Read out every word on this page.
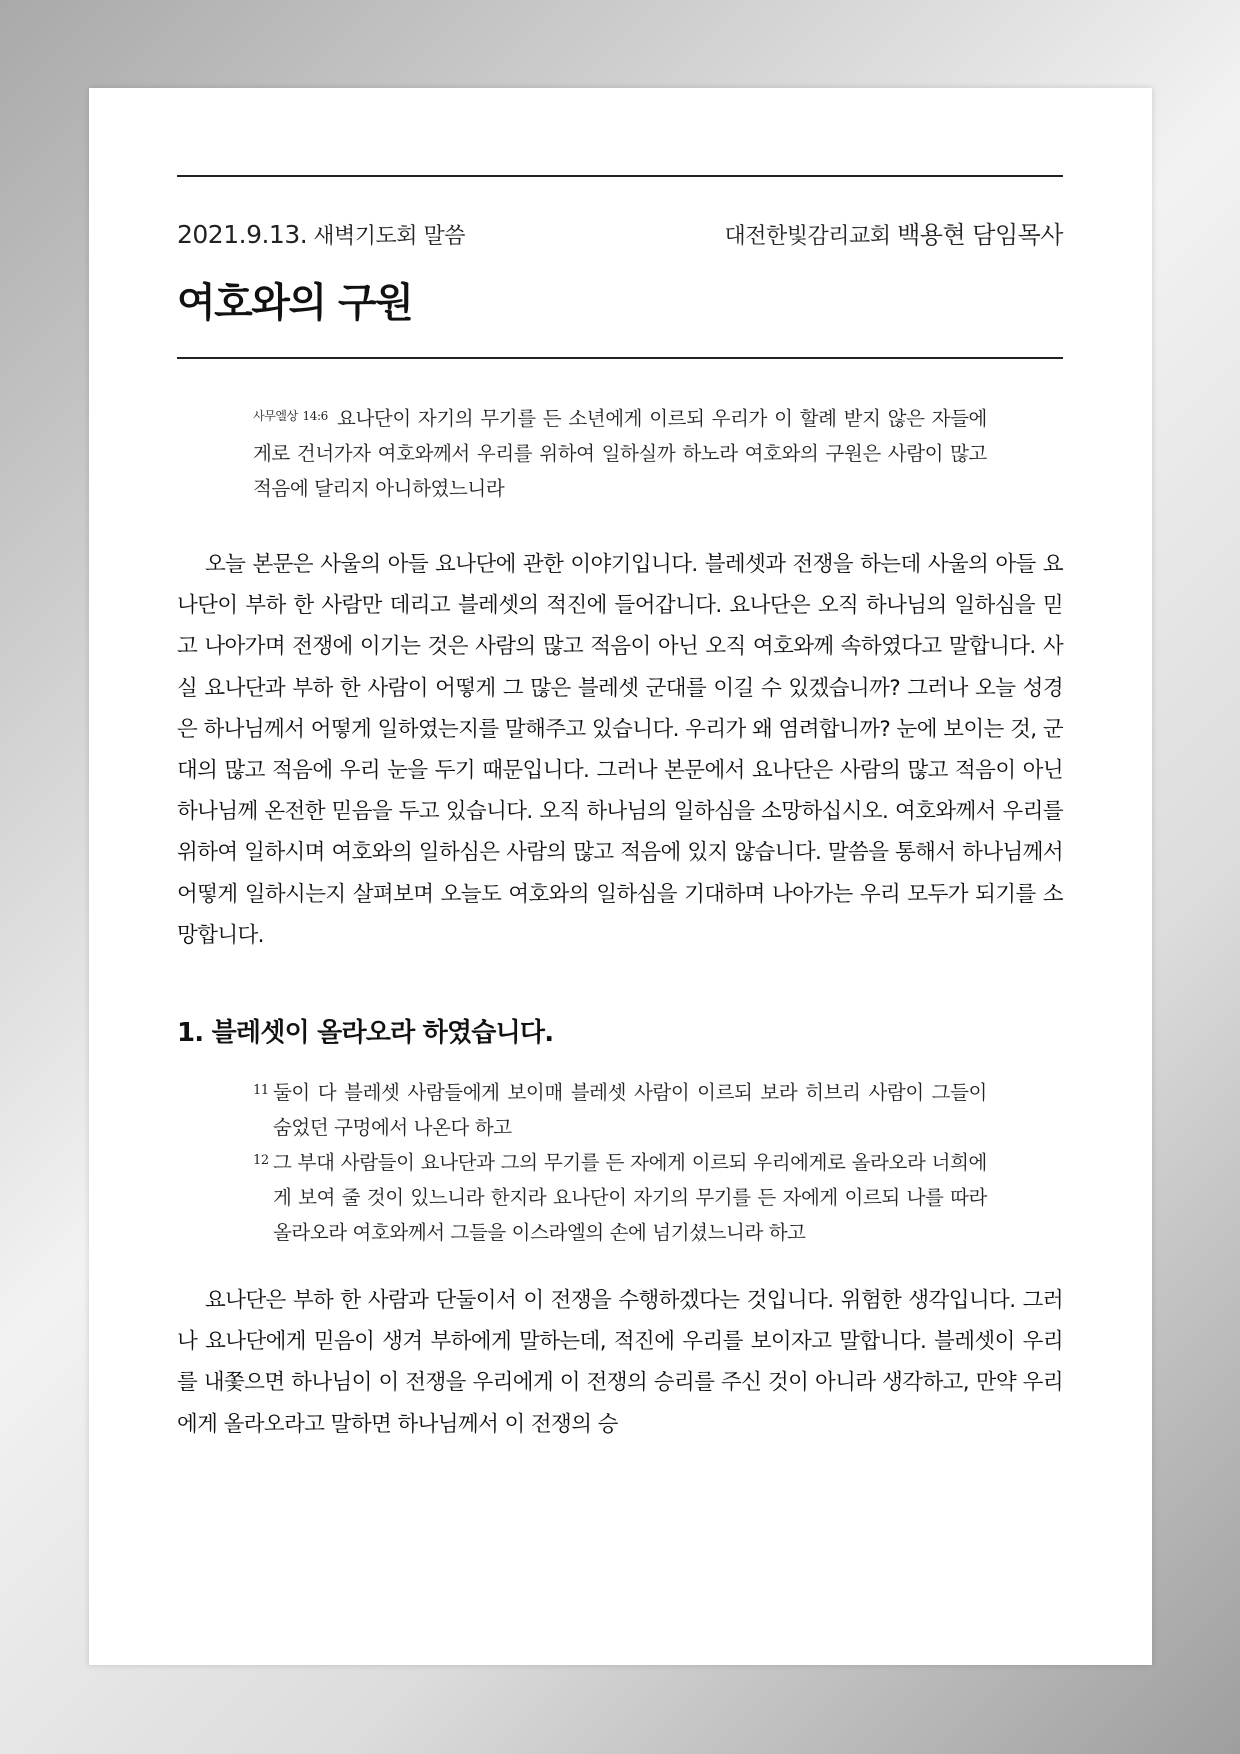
2021.9.13. 새벽기도회 말씀	대전한빛감리교회 백용현 담임목사
여호와의 구원
$^{사무엘상 14:6}$ 요나단이 자기의 무기를 든 소년에게 이르되 우리가 이 할례 받지 않은 자들에게로 건너가자 여호와께서 우리를 위하여 일하실까 하노라 여호와의 구원은 사람이 많고 적음에 달리지 아니하였느니라

오늘 본문은 사울의 아들 요나단에 관한 이야기입니다. 블레셋과 전쟁을 하는데 사울의 아들 요나단이 부하 한 사람만 데리고 블레셋의 적진에 들어갑니다. 요나단은 오직 하나님의 일하심을 믿고 나아가며 전쟁에 이기는 것은 사람의 많고 적음이 아닌 오직 여호와께 속하였다고 말합니다. 사실 요나단과 부하 한 사람이 어떻게 그 많은 블레셋 군대를 이길 수 있겠습니까? 그러나 오늘 성경은 하나님께서 어떻게 일하였는지를 말해주고 있습니다. 우리가 왜 염려합니까? 눈에 보이는 것, 군대의 많고 적음에 우리 눈을 두기 때문입니다. 그러나 본문에서 요나단은 사람의 많고 적음이 아닌 하나님께 온전한 믿음을 두고 있습니다. 오직 하나님의 일하심을 소망하십시오. 여호와께서 우리를 위하여 일하시며 여호와의 일하심은 사람의 많고 적음에 있지 않습니다. 말씀을 통해서 하나님께서 어떻게 일하시는지 살펴보며 오늘도 여호와의 일하심을 기대하며 나아가는 우리 모두가 되기를 소망합니다.

1. 블레셋이 올라오라 하였습니다.

11 둘이 다 블레셋 사람들에게 보이매 블레셋 사람이 이르되 보라 히브리 사람이 그들이 숨었던 구멍에서 나온다 하고

12 그 부대 사람들이 요나단과 그의 무기를 든 자에게 이르되 우리에게로 올라오라 너희에게 보여 줄 것이 있느니라 한지라 요나단이 자기의 무기를 든 자에게 이르되 나를 따라 올라오라 여호와께서 그들을 이스라엘의 손에 넘기셨느니라 하고

요나단은 부하 한 사람과 단둘이서 이 전쟁을 수행하겠다는 것입니다. 위험한 생각입니다. 그러나 요나단에게 믿음이 생겨 부하에게 말하는데, 적진에 우리를 보이자고 말합니다. 블레셋이 우리를 내쫓으면 하나님이 이 전쟁을 우리에게 이 전쟁의 승리를 주신 것이 아니라 생각하고, 만약 우리에게 올라오라고 말하면 하나님께서 이 전쟁의 승
